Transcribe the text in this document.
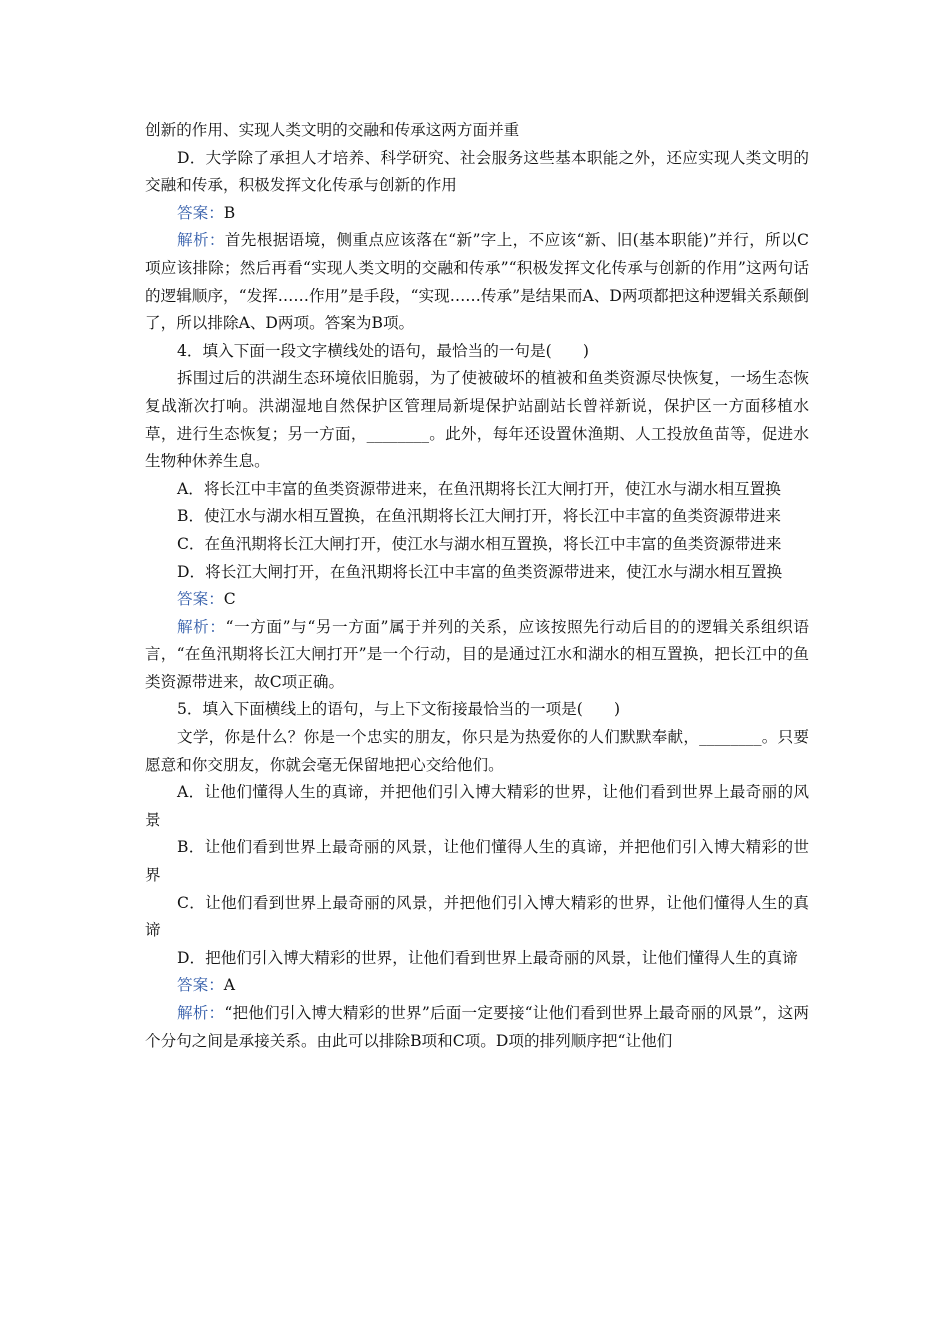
创新的作用、实现人类文明的交融和传承这两方面并重

D．大学除了承担人才培养、科学研究、社会服务这些基本职能之外，还应实现人类文明的交融和传承，积极发挥文化传承与创新的作用

答案：B

解析：首先根据语境，侧重点应该落在“新”字上，不应该“新、旧(基本职能)”并行，所以C项应该排除；然后再看“实现人类文明的交融和传承”“积极发挥文化传承与创新的作用”这两句话的逻辑顺序，“发挥……作用”是手段，“实现……传承”是结果而A、D两项都把这种逻辑关系颠倒了，所以排除A、D两项。答案为B项。

4．填入下面一段文字横线处的语句，最恰当的一句是(　　)

拆围过后的洪湖生态环境依旧脆弱，为了使被破坏的植被和鱼类资源尽快恢复，一场生态恢复战渐次打响。洪湖湿地自然保护区管理局新堤保护站副站长曾祥新说，保护区一方面移植水草，进行生态恢复；另一方面，________。此外，每年还设置休渔期、人工投放鱼苗等，促进水生物种休养生息。

A．将长江中丰富的鱼类资源带进来，在鱼汛期将长江大闸打开，使江水与湖水相互置换

B．使江水与湖水相互置换，在鱼汛期将长江大闸打开，将长江中丰富的鱼类资源带进来

C．在鱼汛期将长江大闸打开，使江水与湖水相互置换，将长江中丰富的鱼类资源带进来

D．将长江大闸打开，在鱼汛期将长江中丰富的鱼类资源带进来，使江水与湖水相互置换

答案：C

解析：“一方面”与“另一方面”属于并列的关系，应该按照先行动后目的的逻辑关系组织语言，“在鱼汛期将长江大闸打开”是一个行动，目的是通过江水和湖水的相互置换，把长江中的鱼类资源带进来，故C项正确。

5．填入下面横线上的语句，与上下文衔接最恰当的一项是(　　)

文学，你是什么？你是一个忠实的朋友，你只是为热爱你的人们默默奉献，________。只要愿意和你交朋友，你就会毫无保留地把心交给他们。

A．让他们懂得人生的真谛，并把他们引入博大精彩的世界，让他们看到世界上最奇丽的风景

B．让他们看到世界上最奇丽的风景，让他们懂得人生的真谛，并把他们引入博大精彩的世界

C．让他们看到世界上最奇丽的风景，并把他们引入博大精彩的世界，让他们懂得人生的真谛

D．把他们引入博大精彩的世界，让他们看到世界上最奇丽的风景，让他们懂得人生的真谛

答案：A

解析：“把他们引入博大精彩的世界”后面一定要接“让他们看到世界上最奇丽的风景”，这两个分句之间是承接关系。由此可以排除B项和C项。D项的排列顺序把“让他们
